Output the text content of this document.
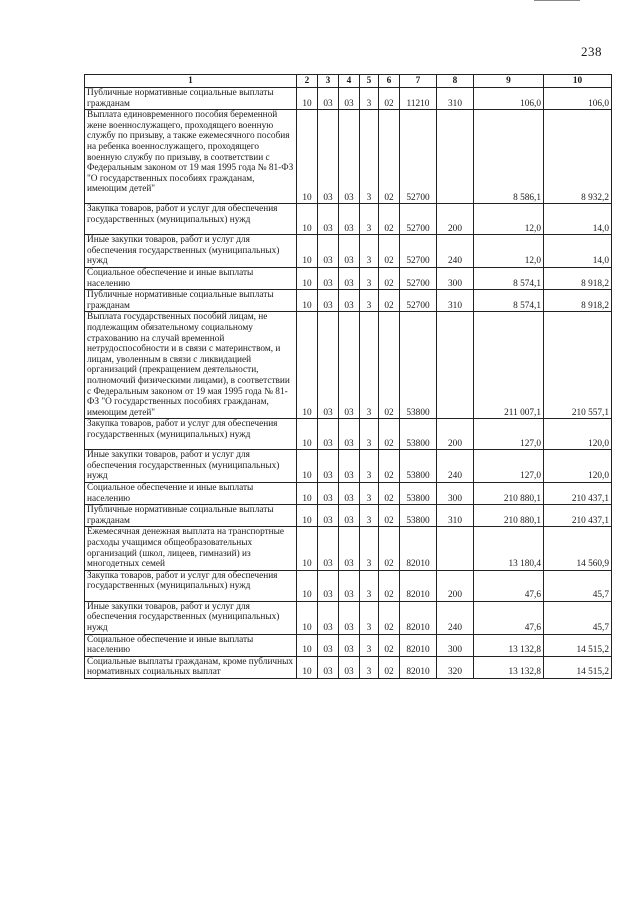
238
1	2	3	4	5	6	7	8	9	10
Публичные нормативные социальные выплаты гражданам	10	03	03	3	02	11210	310	106,0	106,0
Выплата единовременного пособия беременной жене военнослужащего, проходящего военную службу по призыву, а также ежемесячного пособия на ребенка военнослужащего, проходящего военную службу по призыву, в соответствии с Федеральным законом от 19 мая 1995 года № 81-ФЗ "О государственных пособиях гражданам, имеющим детей"	10	03	03	3	02	52700		8 586,1	8 932,2
Закупка товаров, работ и услуг для обеспечения государственных (муниципальных) нужд	10	03	03	3	02	52700	200	12,0	14,0
Иные закупки товаров, работ и услуг для обеспечения государственных (муниципальных) нужд	10	03	03	3	02	52700	240	12,0	14,0
Социальное обеспечение и иные выплаты населению	10	03	03	3	02	52700	300	8 574,1	8 918,2
Публичные нормативные социальные выплаты гражданам	10	03	03	3	02	52700	310	8 574,1	8 918,2
Выплата государственных пособий лицам, не подлежащим обязательному социальному страхованию на случай временной нетрудоспособности и в связи с материнством, и лицам, уволенным в связи с ликвидацией организаций (прекращением деятельности, полномочий физическими лицами), в соответствии с Федеральным законом от 19 мая 1995 года № 81-ФЗ "О государственных пособиях гражданам, имеющим детей"	10	03	03	3	02	53800		211 007,1	210 557,1
Закупка товаров, работ и услуг для обеспечения государственных (муниципальных) нужд	10	03	03	3	02	53800	200	127,0	120,0
Иные закупки товаров, работ и услуг для обеспечения государственных (муниципальных) нужд	10	03	03	3	02	53800	240	127,0	120,0
Социальное обеспечение и иные выплаты населению	10	03	03	3	02	53800	300	210 880,1	210 437,1
Публичные нормативные социальные выплаты гражданам	10	03	03	3	02	53800	310	210 880,1	210 437,1
Ежемесячная денежная выплата на транспортные расходы учащимся общеобразовательных организаций (школ, лицеев, гимназий) из многодетных семей	10	03	03	3	02	82010		13 180,4	14 560,9
Закупка товаров, работ и услуг для обеспечения государственных (муниципальных) нужд	10	03	03	3	02	82010	200	47,6	45,7
Иные закупки товаров, работ и услуг для обеспечения государственных (муниципальных) нужд	10	03	03	3	02	82010	240	47,6	45,7
Социальное обеспечение и иные выплаты населению	10	03	03	3	02	82010	300	13 132,8	14 515,2
Социальные выплаты гражданам, кроме публичных нормативных социальных выплат	10	03	03	3	02	82010	320	13 132,8	14 515,2
